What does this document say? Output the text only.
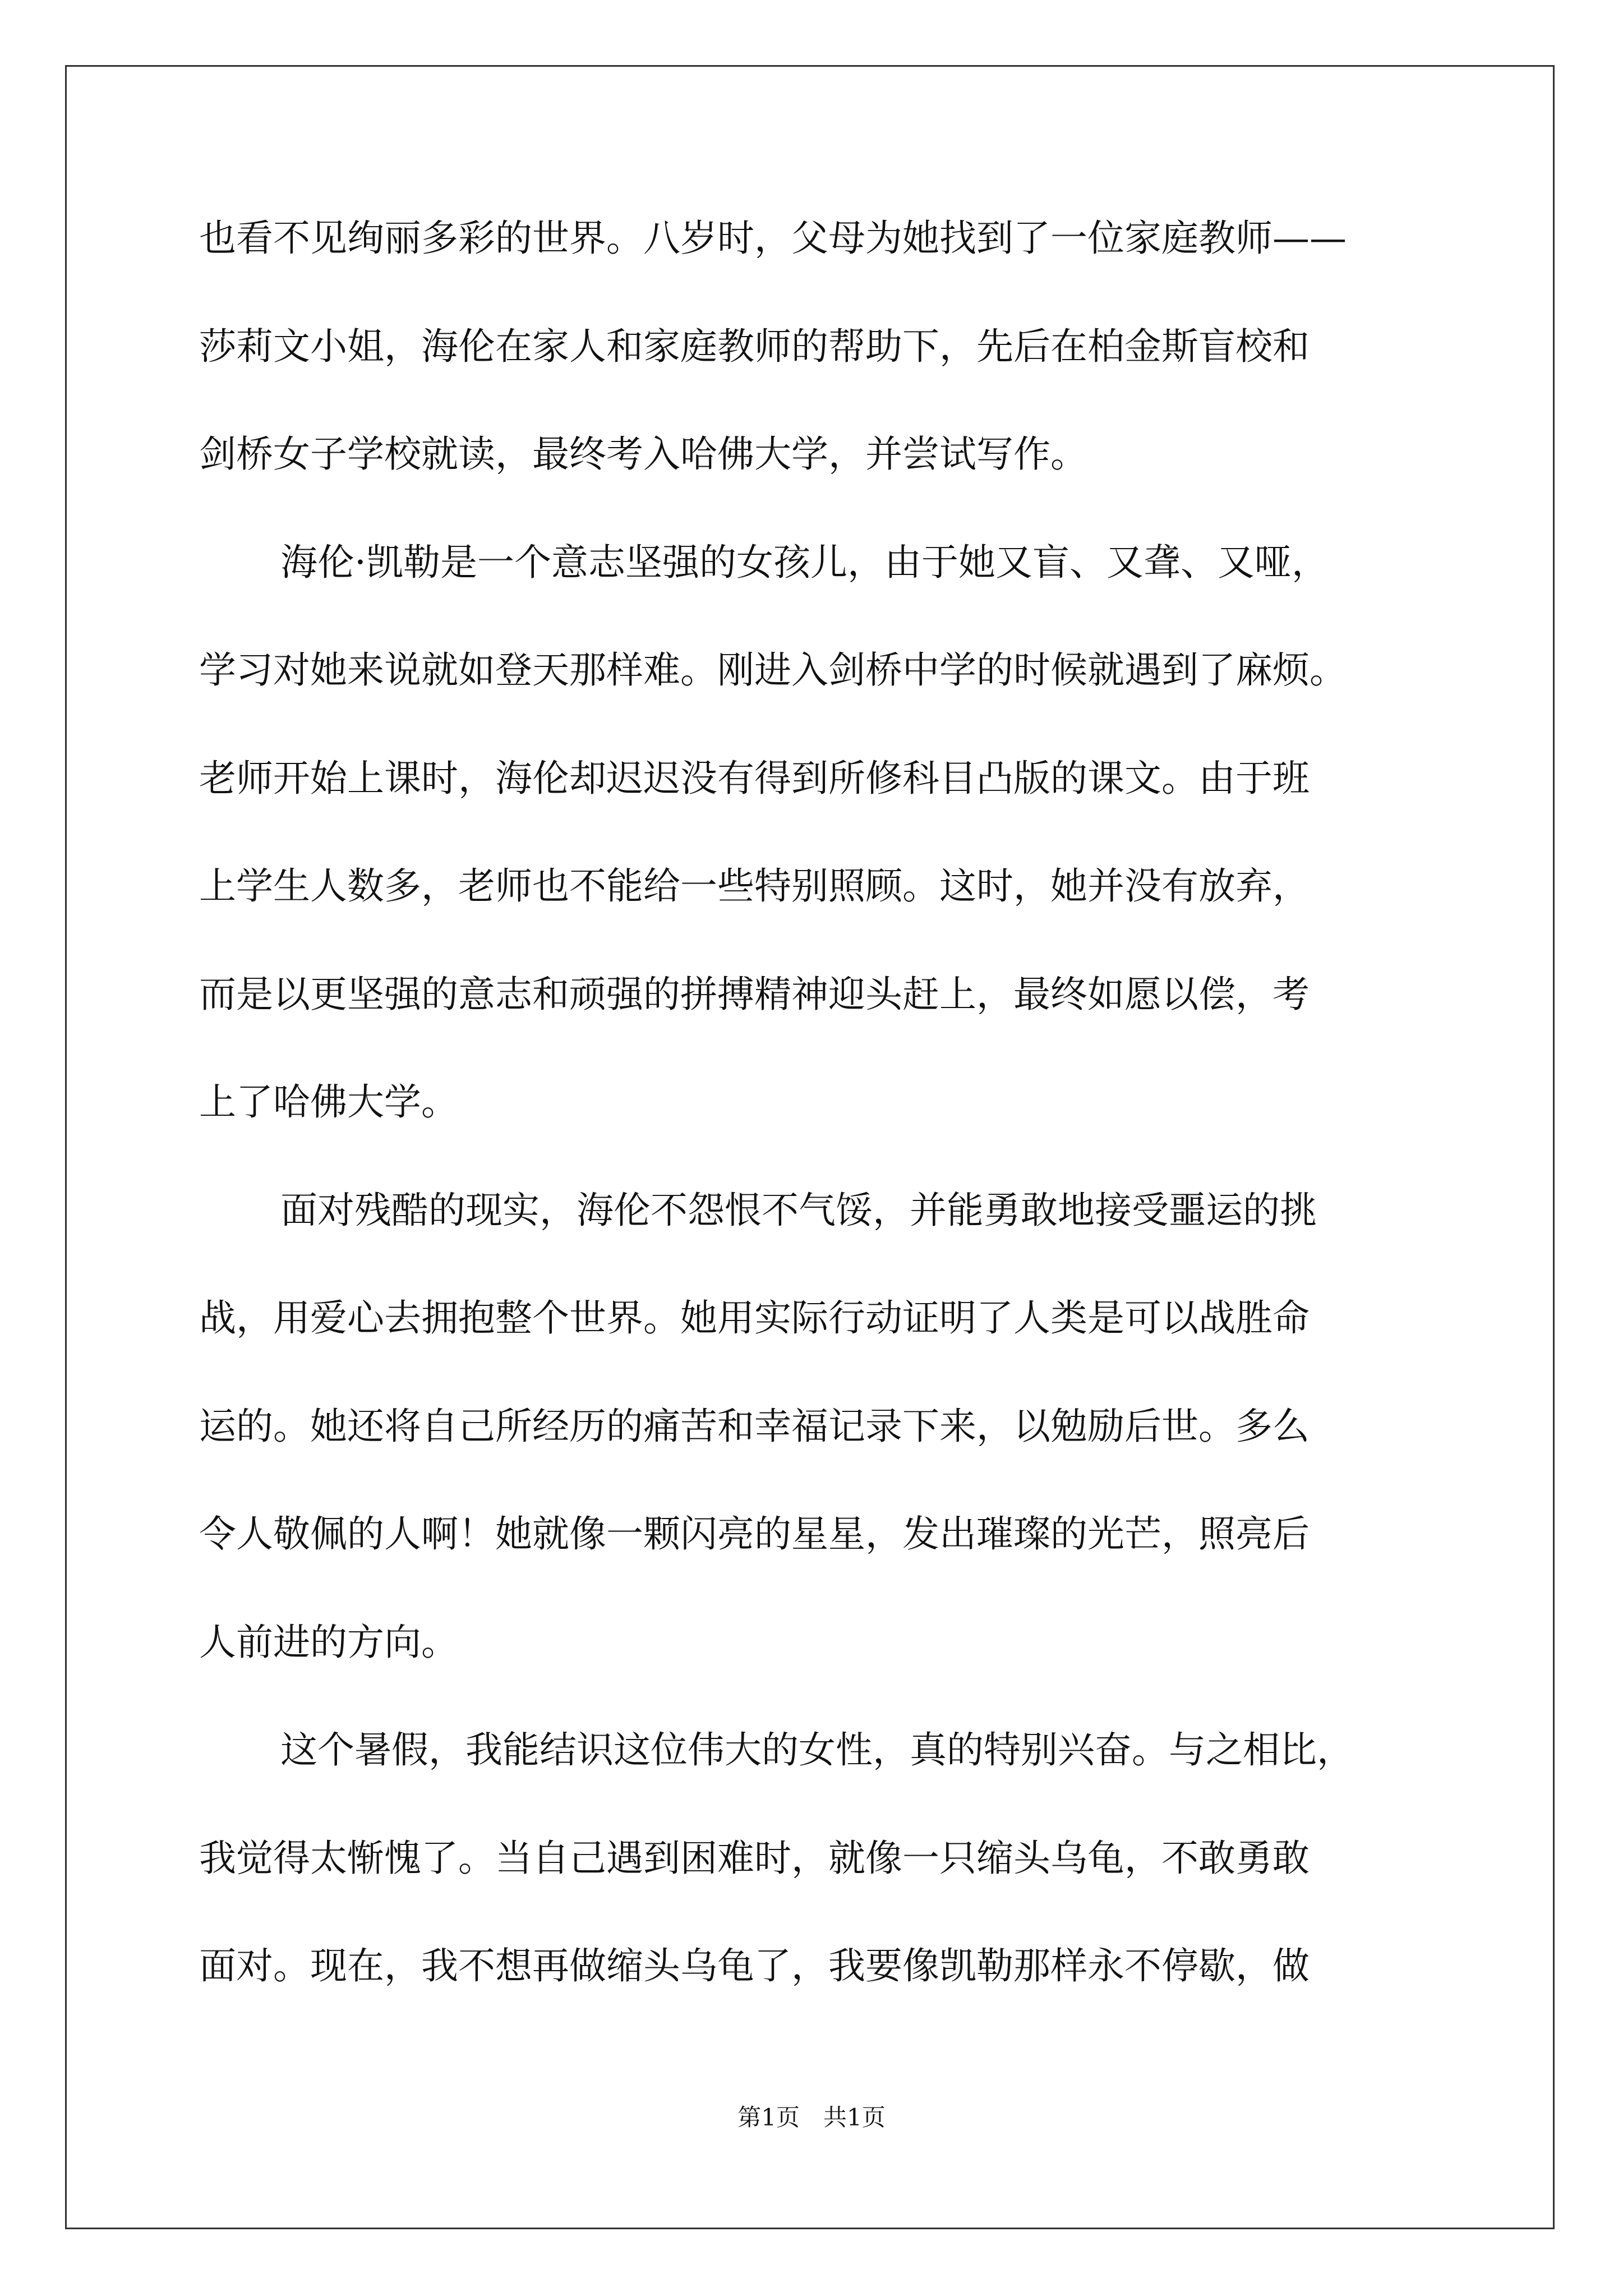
也看不见绚丽多彩的世界。八岁时，父母为她找到了一位家庭教师——
莎莉文小姐，海伦在家人和家庭教师的帮助下，先后在柏金斯盲校和
剑桥女子学校就读，最终考入哈佛大学，并尝试写作。
海伦·凯勒是一个意志坚强的女孩儿，由于她又盲、又聋、又哑，
学习对她来说就如登天那样难。刚进入剑桥中学的时候就遇到了麻烦。
老师开始上课时，海伦却迟迟没有得到所修科目凸版的课文。由于班
上学生人数多，老师也不能给一些特别照顾。这时，她并没有放弃，
而是以更坚强的意志和顽强的拼搏精神迎头赶上，最终如愿以偿，考
上了哈佛大学。
面对残酷的现实，海伦不怨恨不气馁，并能勇敢地接受噩运的挑
战，用爱心去拥抱整个世界。她用实际行动证明了人类是可以战胜命
运的。她还将自己所经历的痛苦和幸福记录下来，以勉励后世。多么
令人敬佩的人啊！她就像一颗闪亮的星星，发出璀璨的光芒，照亮后
人前进的方向。
这个暑假，我能结识这位伟大的女性，真的特别兴奋。与之相比，
我觉得太惭愧了。当自己遇到困难时，就像一只缩头乌龟，不敢勇敢
面对。现在，我不想再做缩头乌龟了，我要像凯勒那样永不停歇，做
第1页　共1页
